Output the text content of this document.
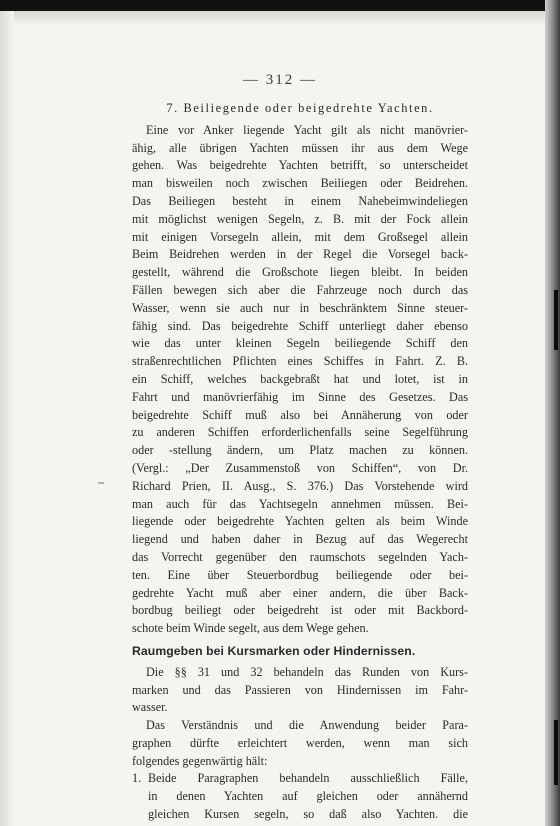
— 312 —
7. Beiliegende oder beigedrehte Yachten.

Eine vor Anker liegende Yacht gilt als nicht manövrier-
ähig, alle übrigen Yachten müssen ihr aus dem Wege
gehen. Was beigedrehte Yachten betrifft, so unterscheidet
man bisweilen noch zwischen Beiliegen oder Beidrehen.
Das Beiliegen besteht in einem Nahebeimwindeliegen
mit möglichst wenigen Segeln, z. B. mit der Fock allein
mit einigen Vorsegeln allein, mit dem Großsegel allein
Beim Beidrehen werden in der Regel die Vorsegel back-
gestellt, während die Großschote liegen bleibt. In beiden
Fällen bewegen sich aber die Fahrzeuge noch durch das
Wasser, wenn sie auch nur in beschränktem Sinne steuer-
fähig sind. Das beigedrehte Schiff unterliegt daher ebenso
wie das unter kleinen Segeln beiliegende Schiff den
straßenrechtlichen Pflichten eines Schiffes in Fahrt. Z. B.
ein Schiff, welches backgebraßt hat und lotet, ist in
Fahrt und manövrierfähig im Sinne des Gesetzes. Das
beigedrehte Schiff muß also bei Annäherung von oder
zu anderen Schiffen erforderlichenfalls seine Segelführung
oder -stellung ändern, um Platz machen zu können.
(Vergl.: „Der Zusammenstoß von Schiffen“, von Dr.
Richard Prien, II. Ausg., S. 376.) Das Vorstehende wird
man auch für das Yachtsegeln annehmen müssen. Bei-
liegende oder beigedrehte Yachten gelten als beim Winde
liegend und haben daher in Bezug auf das Wegerecht
das Vorrecht gegenüber den raumschots segelnden Yach-
ten. Eine über Steuerbordbug beiliegende oder bei-
gedrehte Yacht muß aber einer andern, die über Back-
bordbug beiliegt oder beigedreht ist oder mit Backbord-
schote beim Winde segelt, aus dem Wege gehen.

Raumgeben bei Kursmarken oder Hindernissen.

Die §§ 31 und 32 behandeln das Runden von Kurs-
marken und das Passieren von Hindernissen im Fahr-
wasser.

Das Verständnis und die Anwendung beider Para-
graphen dürfte erleichtert werden, wenn man sich
folgendes gegenwärtig hält:

1. Beide Paragraphen behandeln ausschließlich Fälle,
in denen Yachten auf gleichen oder annähernd
gleichen Kursen segeln, so daß also Yachten. die
